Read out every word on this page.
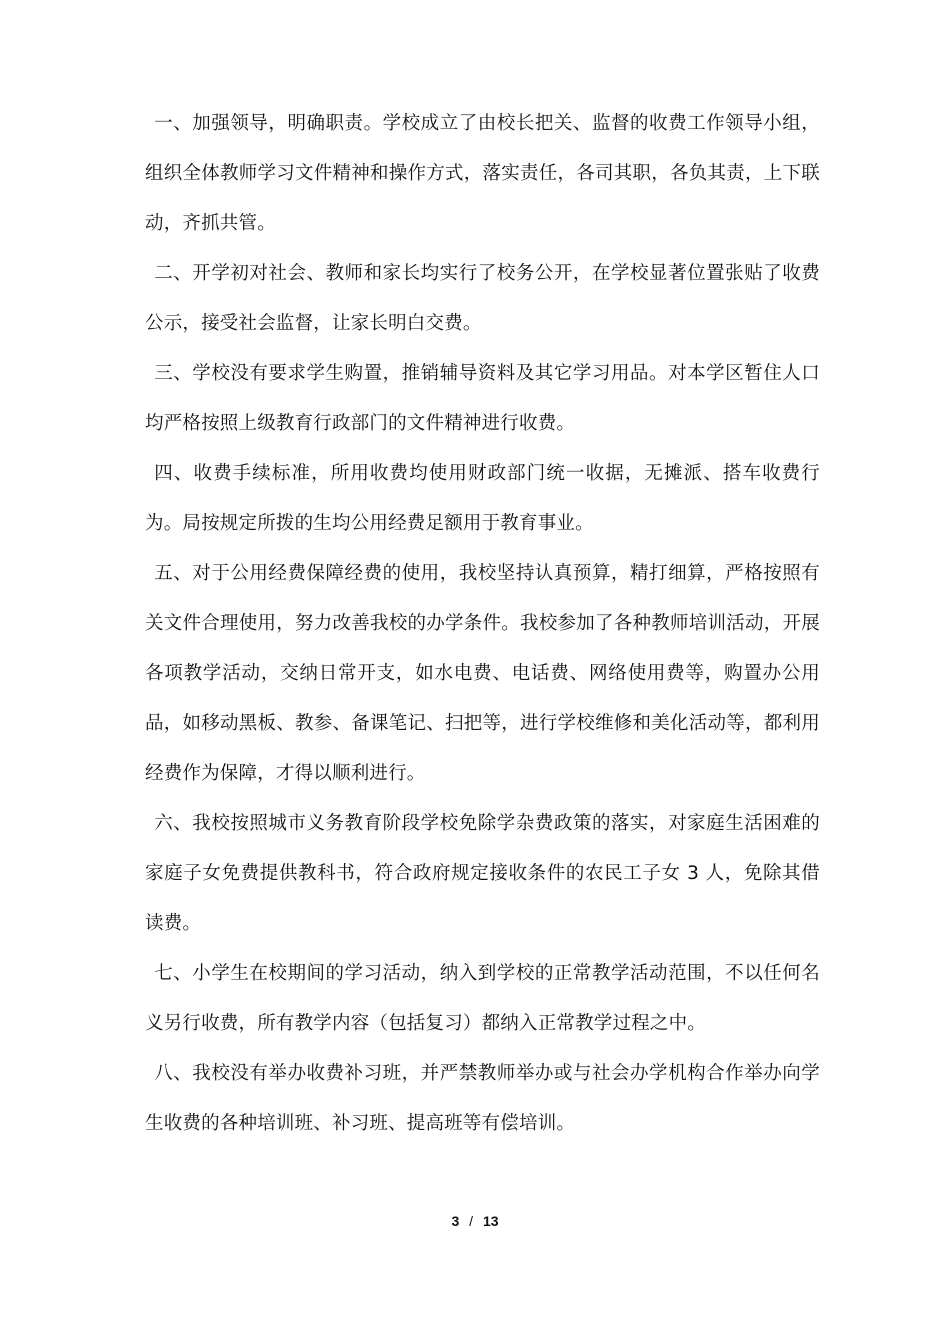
一、加强领导，明确职责。学校成立了由校长把关、监督的收费工作领导小组，组织全体教师学习文件精神和操作方式，落实责任，各司其职，各负其责，上下联动，齐抓共管。

二、开学初对社会、教师和家长均实行了校务公开，在学校显著位置张贴了收费公示，接受社会监督，让家长明白交费。

三、学校没有要求学生购置，推销辅导资料及其它学习用品。对本学区暂住人口均严格按照上级教育行政部门的文件精神进行收费。

四、收费手续标准，所用收费均使用财政部门统一收据，无摊派、搭车收费行为。局按规定所拨的生均公用经费足额用于教育事业。

五、对于公用经费保障经费的使用，我校坚持认真预算，精打细算，严格按照有关文件合理使用，努力改善我校的办学条件。我校参加了各种教师培训活动，开展各项教学活动，交纳日常开支，如水电费、电话费、网络使用费等，购置办公用品，如移动黑板、教参、备课笔记、扫把等，进行学校维修和美化活动等，都利用经费作为保障，才得以顺利进行。

六、我校按照城市义务教育阶段学校免除学杂费政策的落实，对家庭生活困难的家庭子女免费提供教科书，符合政府规定接收条件的农民工子女 3 人，免除其借读费。

七、小学生在校期间的学习活动，纳入到学校的正常教学活动范围，不以任何名义另行收费，所有教学内容（包括复习）都纳入正常教学过程之中。

八、我校没有举办收费补习班，并严禁教师举办或与社会办学机构合作举办向学生收费的各种培训班、补习班、提高班等有偿培训。

3 / 13
